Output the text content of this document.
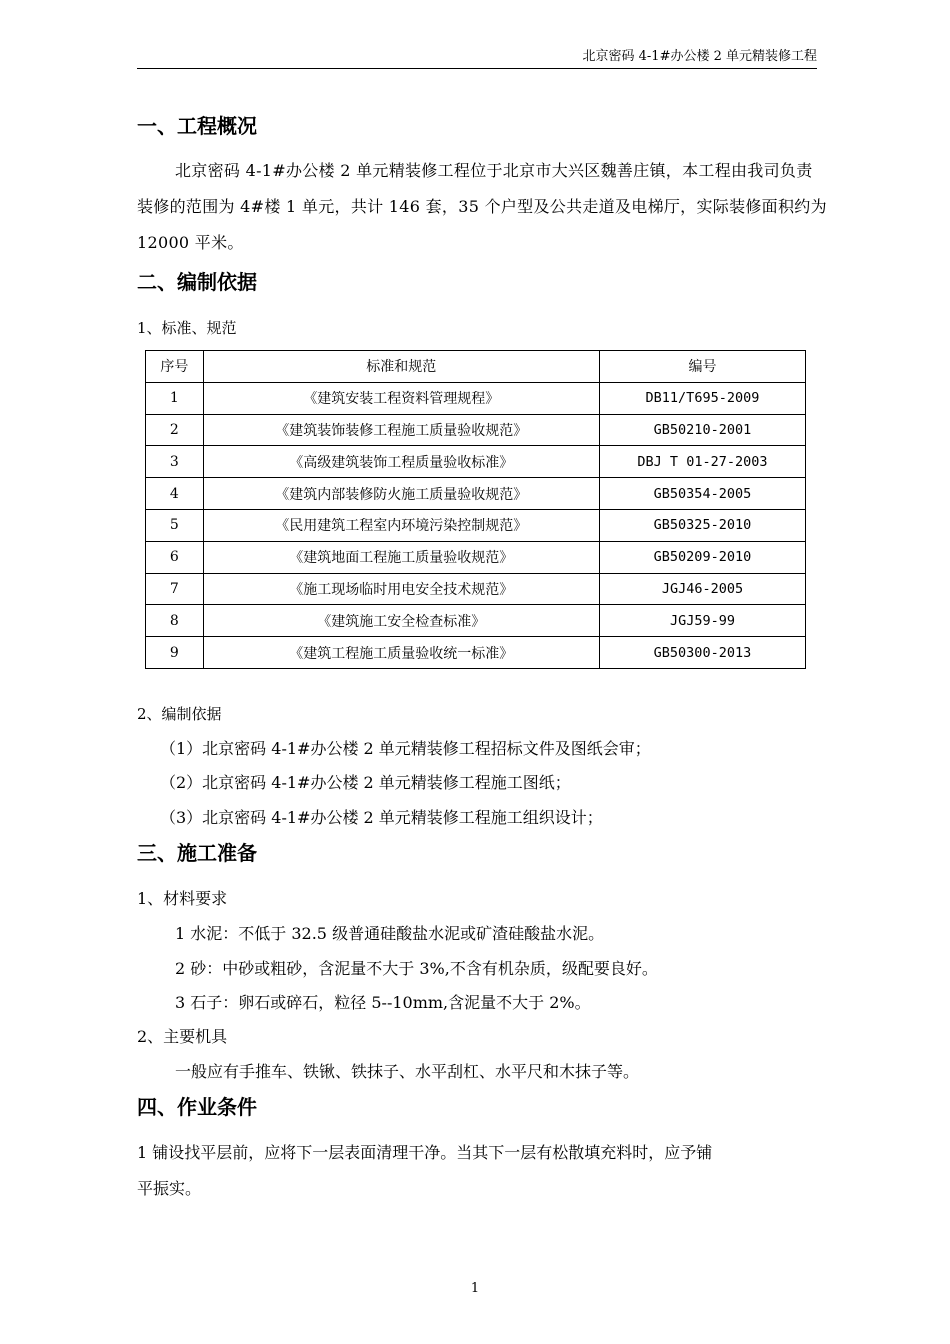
北京密码 4-1#办公楼 2 单元精装修工程
一、工程概况
北京密码 4-1#办公楼 2 单元精装修工程位于北京市大兴区魏善庄镇，本工程由我司负责装修的范围为 4#楼 1 单元，共计 146 套，35 个户型及公共走道及电梯厅，实际装修面积约为 12000 平米。
二、编制依据
1、标准、规范
序号	标准和规范	编号
1	《建筑安装工程资料管理规程》	DB11/T695-2009
2	《建筑装饰装修工程施工质量验收规范》	GB50210-2001
3	《高级建筑装饰工程质量验收标准》	DBJ T 01-27-2003
4	《建筑内部装修防火施工质量验收规范》	GB50354-2005
5	《民用建筑工程室内环境污染控制规范》	GB50325-2010
6	《建筑地面工程施工质量验收规范》	GB50209-2010
7	《施工现场临时用电安全技术规范》	JGJ46-2005
8	《建筑施工安全检查标准》	JGJ59-99
9	《建筑工程施工质量验收统一标准》	GB50300-2013
2、编制依据
（1）北京密码 4-1#办公楼 2 单元精装修工程招标文件及图纸会审；
（2）北京密码 4-1#办公楼 2 单元精装修工程施工图纸；
（3）北京密码 4-1#办公楼 2 单元精装修工程施工组织设计；
三、施工准备
1、材料要求
1 水泥：不低于 32.5 级普通硅酸盐水泥或矿渣硅酸盐水泥。
2 砂：中砂或粗砂，含泥量不大于 3%,不含有机杂质，级配要良好。
3 石子：卵石或碎石，粒径 5--10mm,含泥量不大于 2%。
2、主要机具
一般应有手推车、铁锹、铁抹子、水平刮杠、水平尺和木抹子等。
四、作业条件
1 铺设找平层前，应将下一层表面清理干净。当其下一层有松散填充料时，应予铺
平振实。
1
